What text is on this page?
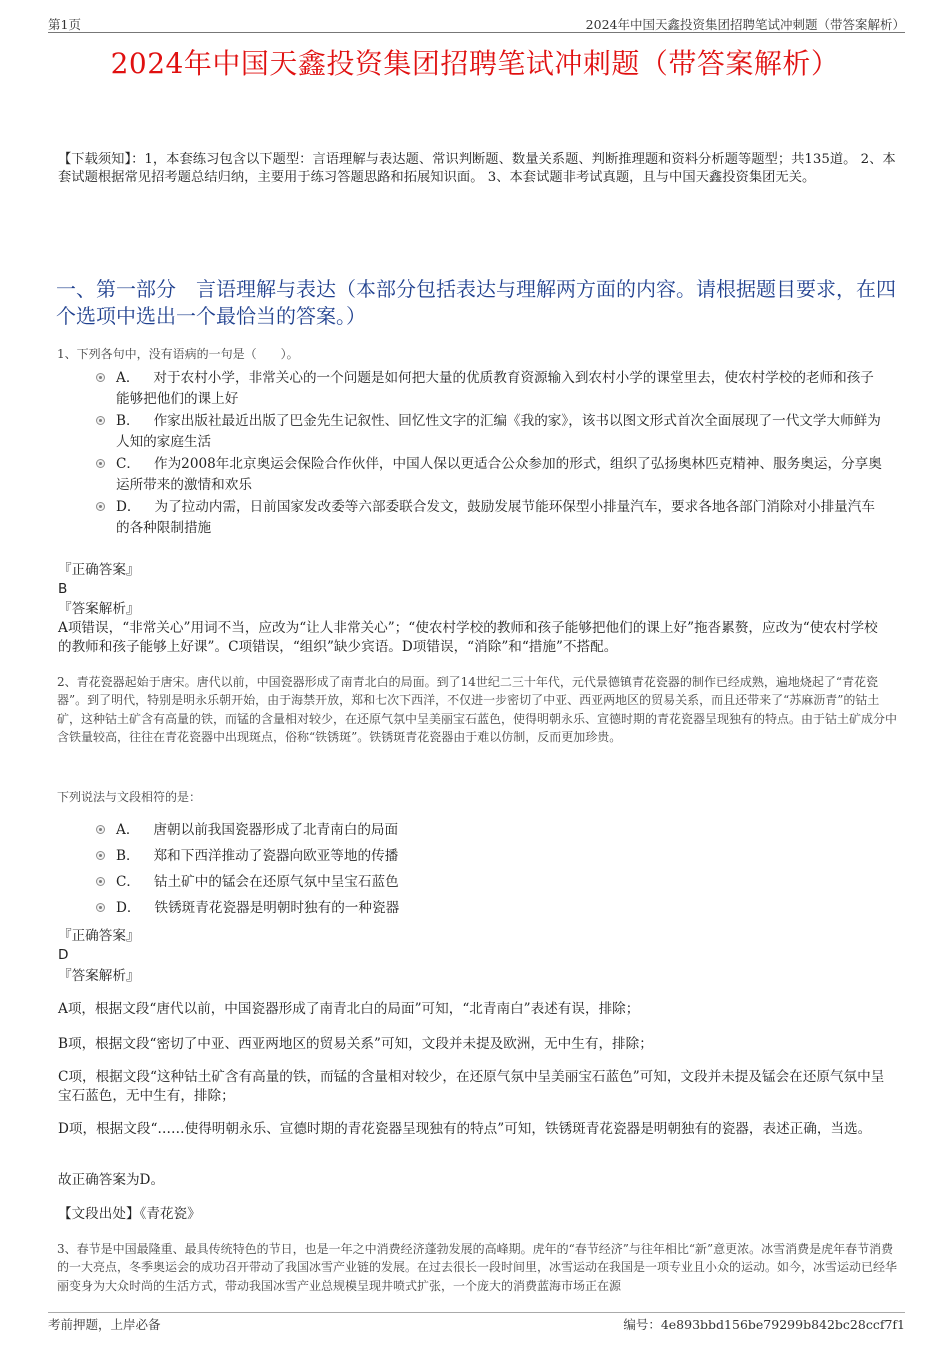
第1页	2024年中国天鑫投资集团招聘笔试冲刺题（带答案解析）
2024年中国天鑫投资集团招聘笔试冲刺题（带答案解析）
【下载须知】：1，本套练习包含以下题型：言语理解与表达题、常识判断题、数量关系题、判断推理题和资料分析题等题型；共135道。 2、本套试题根据常见招考题总结归纳，主要用于练习答题思路和拓展知识面。 3、本套试题非考试真题，且与中国天鑫投资集团无关。
一、第一部分　言语理解与表达（本部分包括表达与理解两方面的内容。请根据题目要求，在四个选项中选出一个最恰当的答案。）
1、下列各句中，没有语病的一句是（　　）。
A． 对于农村小学，非常关心的一个问题是如何把大量的优质教育资源输入到农村小学的课堂里去，使农村学校的老师和孩子能够把他们的课上好
B． 作家出版社最近出版了巴金先生记叙性、回忆性文字的汇编《我的家》，该书以图文形式首次全面展现了一代文学大师鲜为人知的家庭生活
C． 作为2008年北京奥运会保险合作伙伴，中国人保以更适合公众参加的形式，组织了弘扬奥林匹克精神、服务奥运，分享奥运所带来的激情和欢乐
D． 为了拉动内需，日前国家发改委等六部委联合发文，鼓励发展节能环保型小排量汽车，要求各地各部门消除对小排量汽车的各种限制措施
『正确答案』
B
『答案解析』
A项错误，“非常关心”用词不当，应改为“让人非常关心”；“使农村学校的教师和孩子能够把他们的课上好”拖沓累赘，应改为“使农村学校的教师和孩子能够上好课”。C项错误，“组织”缺少宾语。D项错误，“消除”和“措施”不搭配。
2、青花瓷器起始于唐宋。唐代以前，中国瓷器形成了南青北白的局面。到了14世纪二三十年代，元代景德镇青花瓷器的制作已经成熟，遍地烧起了“青花瓷器”。到了明代，特别是明永乐朝开始，由于海禁开放，郑和七次下西洋，不仅进一步密切了中亚、西亚两地区的贸易关系，而且还带来了“苏麻沥青”的钴土矿，这种钴土矿含有高量的铁，而锰的含量相对较少，在还原气氛中呈美丽宝石蓝色，使得明朝永乐、宣德时期的青花瓷器呈现独有的特点。由于钴土矿成分中含铁量较高，往往在青花瓷器中出现斑点，俗称“铁锈斑”。铁锈斑青花瓷器由于难以仿制，反而更加珍贵。
下列说法与文段相符的是：
A． 唐朝以前我国瓷器形成了北青南白的局面
B． 郑和下西洋推动了瓷器向欧亚等地的传播
C． 钴土矿中的锰会在还原气氛中呈宝石蓝色
D． 铁锈斑青花瓷器是明朝时独有的一种瓷器
『正确答案』
D
『答案解析』
A项，根据文段“唐代以前，中国瓷器形成了南青北白的局面”可知，“北青南白”表述有误，排除；
B项，根据文段“密切了中亚、西亚两地区的贸易关系”可知，文段并未提及欧洲，无中生有，排除；
C项，根据文段“这种钴土矿含有高量的铁，而锰的含量相对较少，在还原气氛中呈美丽宝石蓝色”可知，文段并未提及锰会在还原气氛中呈宝石蓝色，无中生有，排除；
D项，根据文段“……使得明朝永乐、宣德时期的青花瓷器呈现独有的特点”可知，铁锈斑青花瓷器是明朝独有的瓷器，表述正确，当选。
故正确答案为D。
【文段出处】《青花瓷》
3、春节是中国最隆重、最具传统特色的节日，也是一年之中消费经济蓬勃发展的高峰期。虎年的“春节经济”与往年相比“新”意更浓。冰雪消费是虎年春节消费的一大亮点，冬季奥运会的成功召开带动了我国冰雪产业链的发展。在过去很长一段时间里，冰雪运动在我国是一项专业且小众的运动。如今，冰雪运动已经华丽变身为大众时尚的生活方式，带动我国冰雪产业总规模呈现井喷式扩张，一个庞大的消费蓝海市场正在源
考前押题，上岸必备	编号：4e893bbd156be79299b842bc28ccf7f1
